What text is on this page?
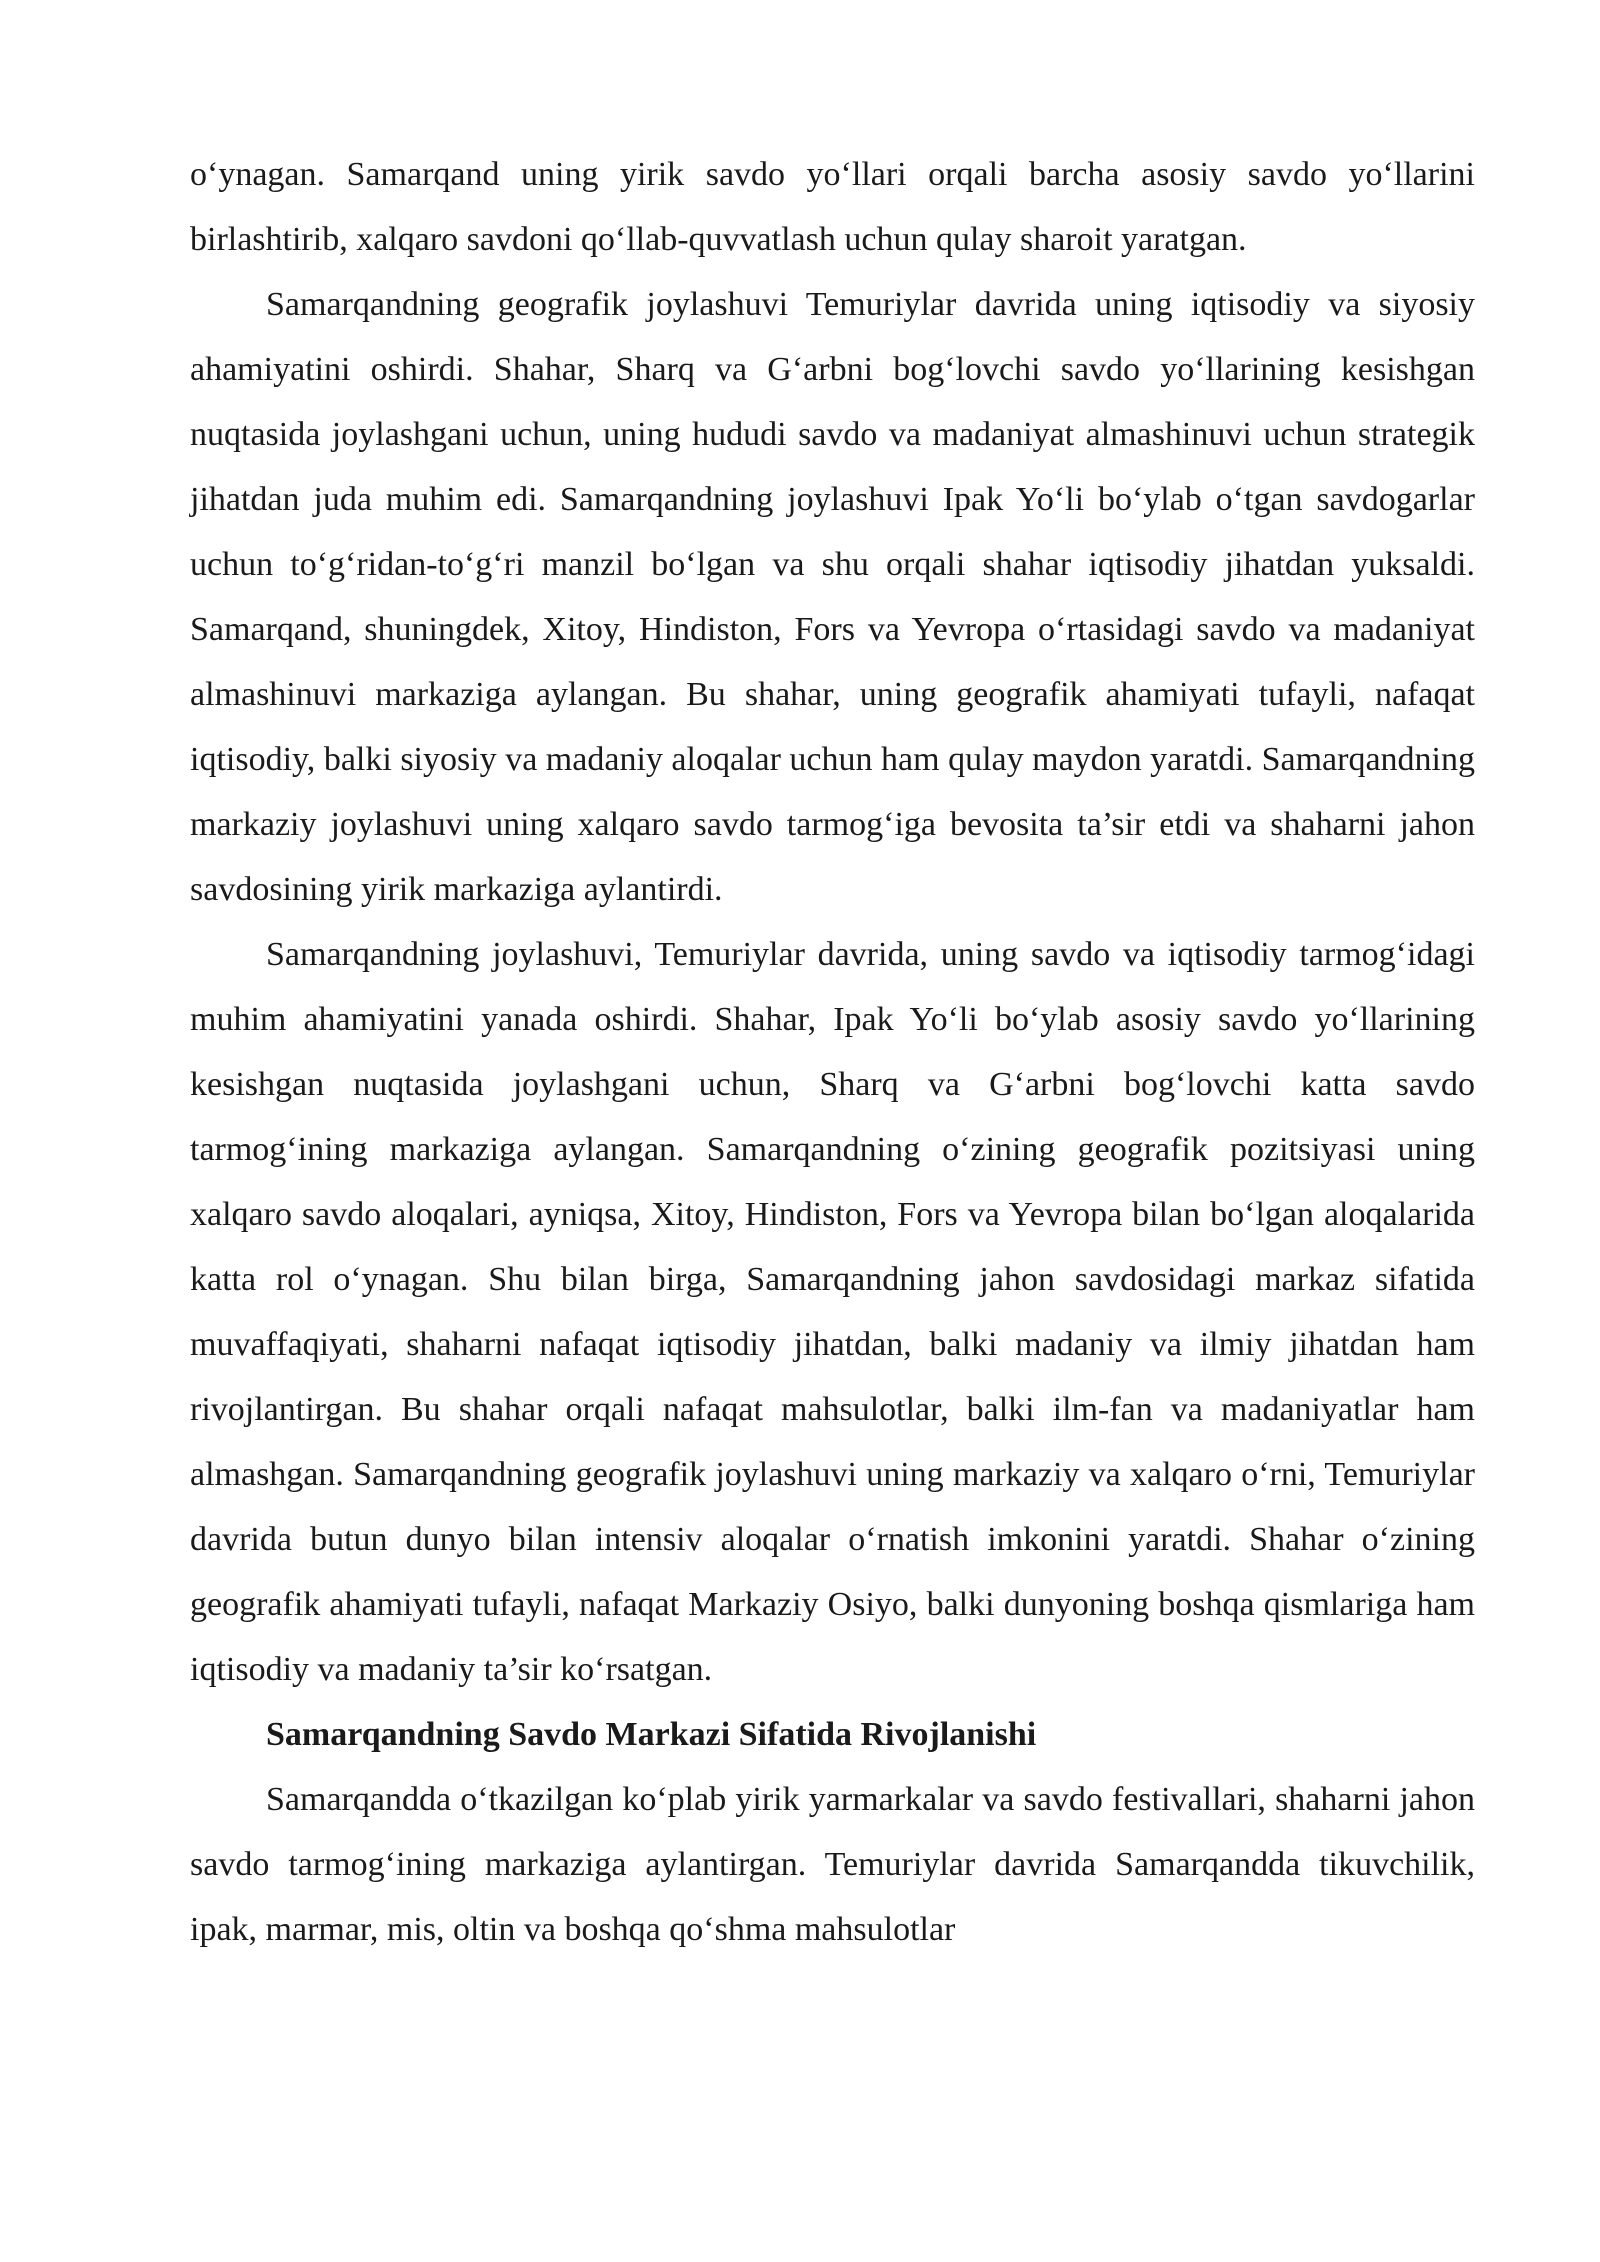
o‘ynagan. Samarqand uning yirik savdo yo‘llari orqali barcha asosiy savdo yo‘llarini birlashtirib, xalqaro savdoni qo‘llab-quvvatlash uchun qulay sharoit yaratgan.

Samarqandning geografik joylashuvi Temuriylar davrida uning iqtisodiy va siyosiy ahamiyatini oshirdi. Shahar, Sharq va G‘arbni bog‘lovchi savdo yo‘llarining kesishgan nuqtasida joylashgani uchun, uning hududi savdo va madaniyat almashinuvi uchun strategik jihatdan juda muhim edi. Samarqandning joylashuvi Ipak Yo‘li bo‘ylab o‘tgan savdogarlar uchun to‘g‘ridan-to‘g‘ri manzil bo‘lgan va shu orqali shahar iqtisodiy jihatdan yuksaldi. Samarqand, shuningdek, Xitoy, Hindiston, Fors va Yevropa o‘rtasidagi savdo va madaniyat almashinuvi markaziga aylangan. Bu shahar, uning geografik ahamiyati tufayli, nafaqat iqtisodiy, balki siyosiy va madaniy aloqalar uchun ham qulay maydon yaratdi. Samarqandning markaziy joylashuvi uning xalqaro savdo tarmog‘iga bevosita ta’sir etdi va shaharni jahon savdosining yirik markaziga aylantirdi.

Samarqandning joylashuvi, Temuriylar davrida, uning savdo va iqtisodiy tarmog‘idagi muhim ahamiyatini yanada oshirdi. Shahar, Ipak Yo‘li bo‘ylab asosiy savdo yo‘llarining kesishgan nuqtasida joylashgani uchun, Sharq va G‘arbni bog‘lovchi katta savdo tarmog‘ining markaziga aylangan. Samarqandning o‘zining geografik pozitsiyasi uning xalqaro savdo aloqalari, ayniqsa, Xitoy, Hindiston, Fors va Yevropa bilan bo‘lgan aloqalarida katta rol o‘ynagan. Shu bilan birga, Samarqandning jahon savdosidagi markaz sifatida muvaffaqiyati, shaharni nafaqat iqtisodiy jihatdan, balki madaniy va ilmiy jihatdan ham rivojlantirgan. Bu shahar orqali nafaqat mahsulotlar, balki ilm-fan va madaniyatlar ham almashgan. Samarqandning geografik joylashuvi uning markaziy va xalqaro o‘rni, Temuriylar davrida butun dunyo bilan intensiv aloqalar o‘rnatish imkonini yaratdi. Shahar o‘zining geografik ahamiyati tufayli, nafaqat Markaziy Osiyo, balki dunyoning boshqa qismlariga ham iqtisodiy va madaniy ta’sir ko‘rsatgan.

Samarqandning Savdo Markazi Sifatida Rivojlanishi

Samarqandda o‘tkazilgan ko‘plab yirik yarmarkalar va savdo festivallari, shaharni jahon savdo tarmog‘ining markaziga aylantirgan. Temuriylar davrida Samarqandda tikuvchilik, ipak, marmar, mis, oltin va boshqa qo‘shma mahsulotlar
